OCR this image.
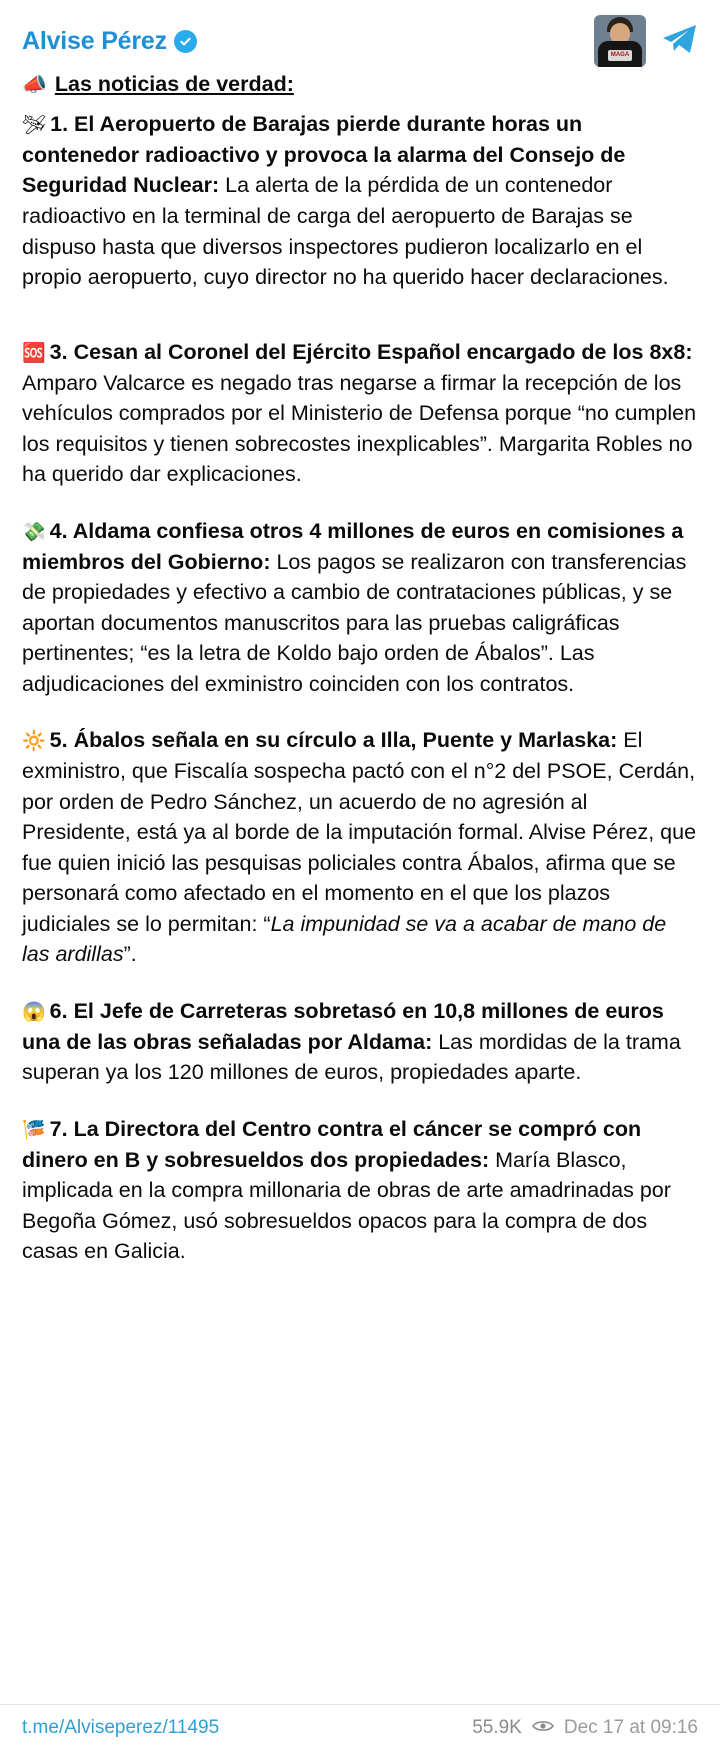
Alvise Pérez
MAGA
📣 Las noticias de verdad:
🛩 1. El Aeropuerto de Barajas pierde durante horas un contenedor radioactivo y provoca la alarma del Consejo de Seguridad Nuclear: La alerta de la pérdida de un contenedor radioactivo en la terminal de carga del aeropuerto de Barajas se dispuso hasta que diversos inspectores pudieron localizarlo en el propio aeropuerto, cuyo director no ha querido hacer declaraciones.
🆘 3. Cesan al Coronel del Ejército Español encargado de los 8x8: Amparo Valcarce es negado tras negarse a firmar la recepción de los vehículos comprados por el Ministerio de Defensa porque “no cumplen los requisitos y tienen sobrecostes inexplicables”. Margarita Robles no ha querido dar explicaciones.
💸 4. Aldama confiesa otros 4 millones de euros en comisiones a miembros del Gobierno: Los pagos se realizaron con transferencias de propiedades y efectivo a cambio de contrataciones públicas, y se aportan documentos manuscritos para las pruebas caligráficas pertinentes; “es la letra de Koldo bajo orden de Ábalos”. Las adjudicaciones del exministro coinciden con los contratos.
🔆 5. Ábalos señala en su círculo a Illa, Puente y Marlaska: El exministro, que Fiscalía sospecha pactó con el n°2 del PSOE, Cerdán, por orden de Pedro Sánchez, un acuerdo de no agresión al Presidente, está ya al borde de la imputación formal. Alvise Pérez, que fue quien inició las pesquisas policiales contra Ábalos, afirma que se personará como afectado en el momento en el que los plazos judiciales se lo permitan: “La impunidad se va a acabar de mano de las ardillas”.
😱 6. El Jefe de Carreteras sobretasó en 10,8 millones de euros una de las obras señaladas por Aldama: Las mordidas de la trama superan ya los 120 millones de euros, propiedades aparte.
🎏 7. La Directora del Centro contra el cáncer se compró con dinero en B y sobresueldos dos propiedades: María Blasco, implicada en la compra millonaria de obras de arte amadrinadas por Begoña Gómez, usó sobresueldos opacos para la compra de dos casas en Galicia.
t.me/Alviseperez/11495	55.9K Dec 17 at 09:16
